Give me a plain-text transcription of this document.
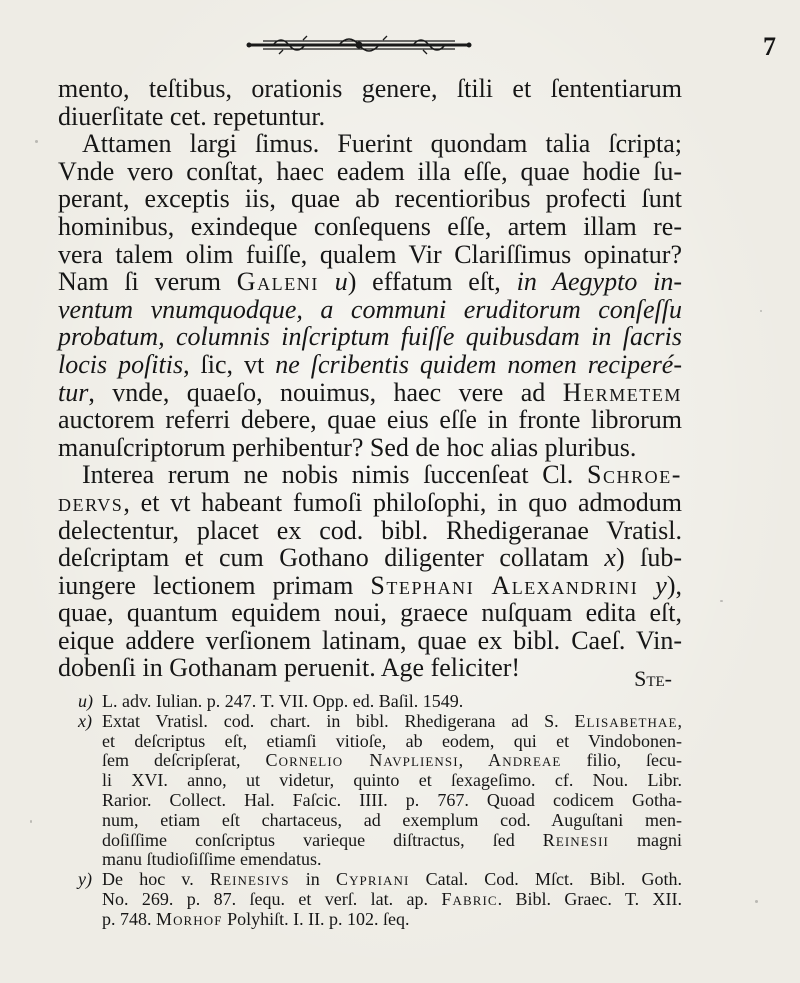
7
mento, teſtibus, orationis genere, ſtili et ſententiarum
diuerſitate cet. repetuntur.
Attamen largi ſimus. Fuerint quondam talia ſcripta;
Vnde vero conſtat, haec eadem illa eſſe, quae hodie ſu-
perant, exceptis iis, quae ab recentioribus profecti ſunt
hominibus, exindeque conſequens eſſe, artem illam re-
vera talem olim fuiſſe, qualem Vir Clariſſimus opinatur?
Nam ſi verum Galeni u) effatum eſt, in Aegypto in-
ventum vnumquodque, a communi eruditorum conſeſſu
probatum, columnis inſcriptum fuiſſe quibusdam in ſacris
locis poſitis, ſic, vt ne ſcribentis quidem nomen reciperé-
tur, vnde, quaeſo, nouimus, haec vere ad Hermetem
auctorem referri debere, quae eius eſſe in fronte librorum
manuſcriptorum perhibentur? Sed de hoc alias pluribus.
Interea rerum ne nobis nimis ſuccenſeat Cl. Schroe-
dervs, et vt habeant fumoſi philoſophi, in quo admodum
delectentur, placet ex cod. bibl. Rhedigeranae Vratisl.
deſcriptam et cum Gothano diligenter collatam x) ſub-
iungere lectionem primam Stephani Alexandrini y),
quae, quantum equidem noui, graece nuſquam edita eſt,
eique addere verſionem latinam, quae ex bibl. Caeſ. Vin-
dobenſi in Gothanam peruenit. Age feliciter!	Ste-
u) L. adv. Iulian. p. 247. T. VII. Opp. ed. Baſil. 1549.
x) Extat Vratisl. cod. chart. in bibl. Rhedigerana ad S. Elisabethae,
et deſcriptus eſt, etiamſi vitioſe, ab eodem, qui et Vindobonen-
ſem deſcripſerat, Cornelio Navpliensi, Andreae filio, ſecu-
li XVI. anno, ut videtur, quinto et ſexageſimo. cf. Nou. Libr.
Rarior. Collect. Hal. Faſcic. IIII. p. 767. Quoad codicem Gotha-
num, etiam eſt chartaceus, ad exemplum cod. Auguſtani men-
doſiſſime conſcriptus varieque diſtractus, ſed Reinesii magni
manu ſtudioſiſſime emendatus.
y) De hoc v. Reinesivs in Cypriani Catal. Cod. Mſct. Bibl. Goth.
No. 269. p. 87. ſequ. et verſ. lat. ap. Fabric. Bibl. Graec. T. XII.
p. 748. Morhof Polyhiſt. I. II. p. 102. ſeq.
